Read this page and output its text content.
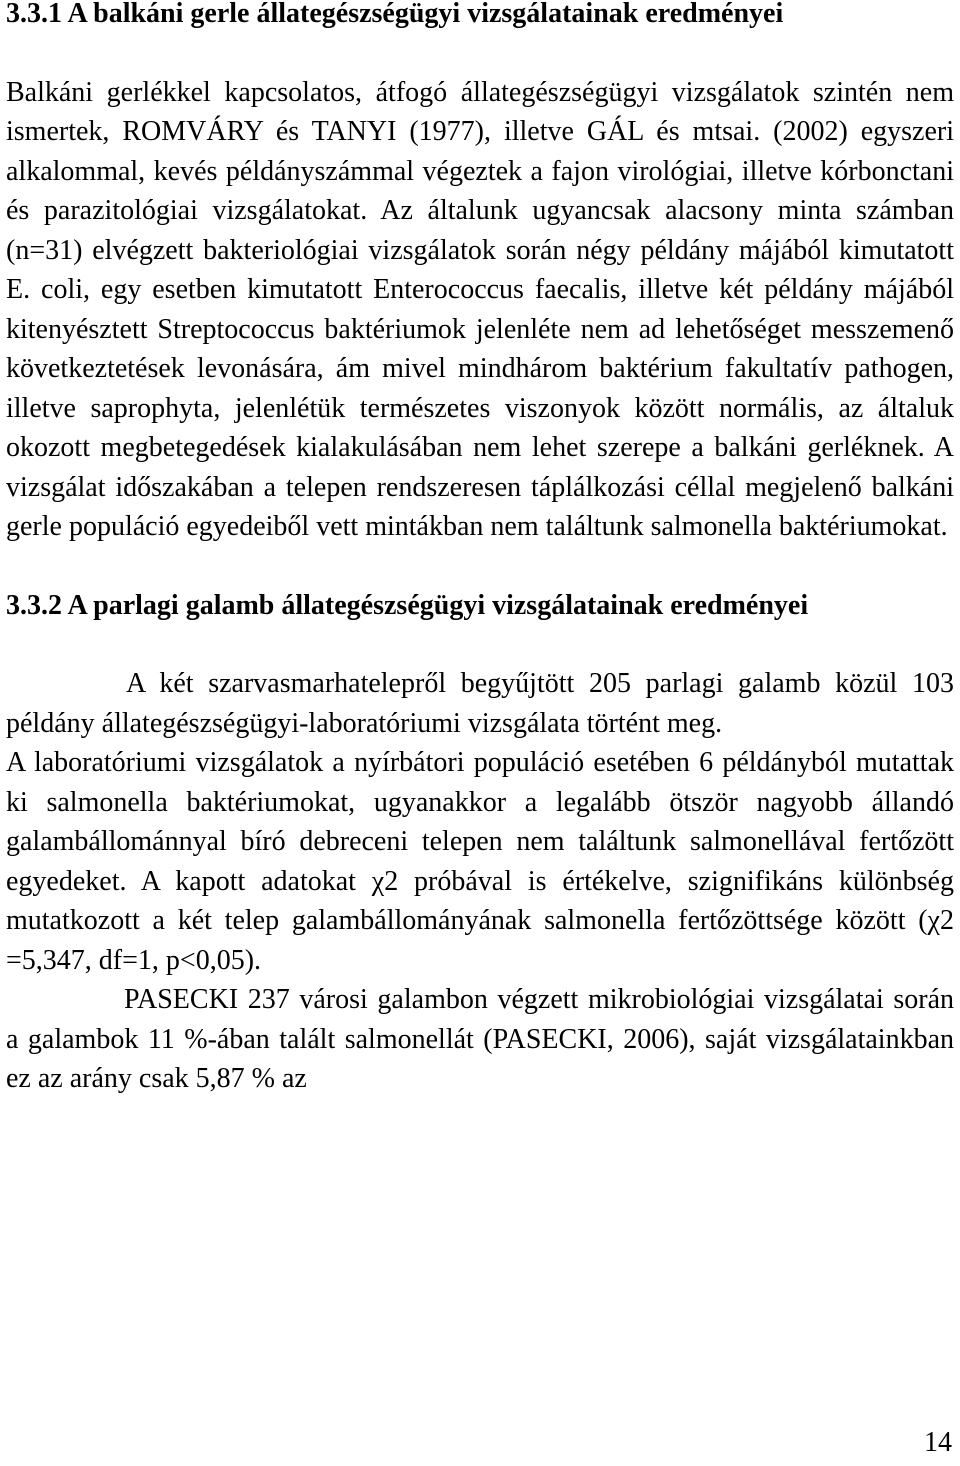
3.3.1 A balkáni gerle állategészségügyi vizsgálatainak eredményei

Balkáni gerlékkel kapcsolatos, átfogó állategészségügyi vizsgálatok szintén nem ismertek, ROMVÁRY és TANYI (1977), illetve GÁL és mtsai. (2002) egyszeri alkalommal, kevés példányszámmal végeztek a fajon virológiai, illetve kórbonctani és parazitológiai vizsgálatokat. Az általunk ugyancsak alacsony minta számban (n=31) elvégzett bakteriológiai vizsgálatok során négy példány májából kimutatott E. coli, egy esetben kimutatott Enterococcus faecalis, illetve két példány májából kitenyésztett Streptococcus baktériumok jelenléte nem ad lehetőséget messzemenő következtetések levonására, ám mivel mindhárom baktérium fakultatív pathogen, illetve saprophyta, jelenlétük természetes viszonyok között normális, az általuk okozott megbetegedések kialakulásában nem lehet szerepe a balkáni gerléknek. A vizsgálat időszakában a telepen rendszeresen táplálkozási céllal megjelenő balkáni gerle populáció egyedeiből vett mintákban nem találtunk salmonella baktériumokat.

3.3.2 A parlagi galamb állategészségügyi vizsgálatainak eredményei

A két szarvasmarhatelepről begyűjtött 205 parlagi galamb közül 103 példány állategészségügyi-laboratóriumi vizsgálata történt meg.

A laboratóriumi vizsgálatok a nyírbátori populáció esetében 6 példányból mutattak ki salmonella baktériumokat, ugyanakkor a legalább ötször nagyobb állandó galambállománnyal bíró debreceni telepen nem találtunk salmonellával fertőzött egyedeket. A kapott adatokat χ2 próbával is értékelve, szignifikáns különbség mutatkozott a két telep galambállományának salmonella fertőzöttsége között (χ2 =5,347, df=1, p<0,05).

PASECKI 237 városi galambon végzett mikrobiológiai vizsgálatai során a galambok 11 %-ában talált salmonellát (PASECKI, 2006), saját vizsgálatainkban ez az arány csak 5,87 % az

14
